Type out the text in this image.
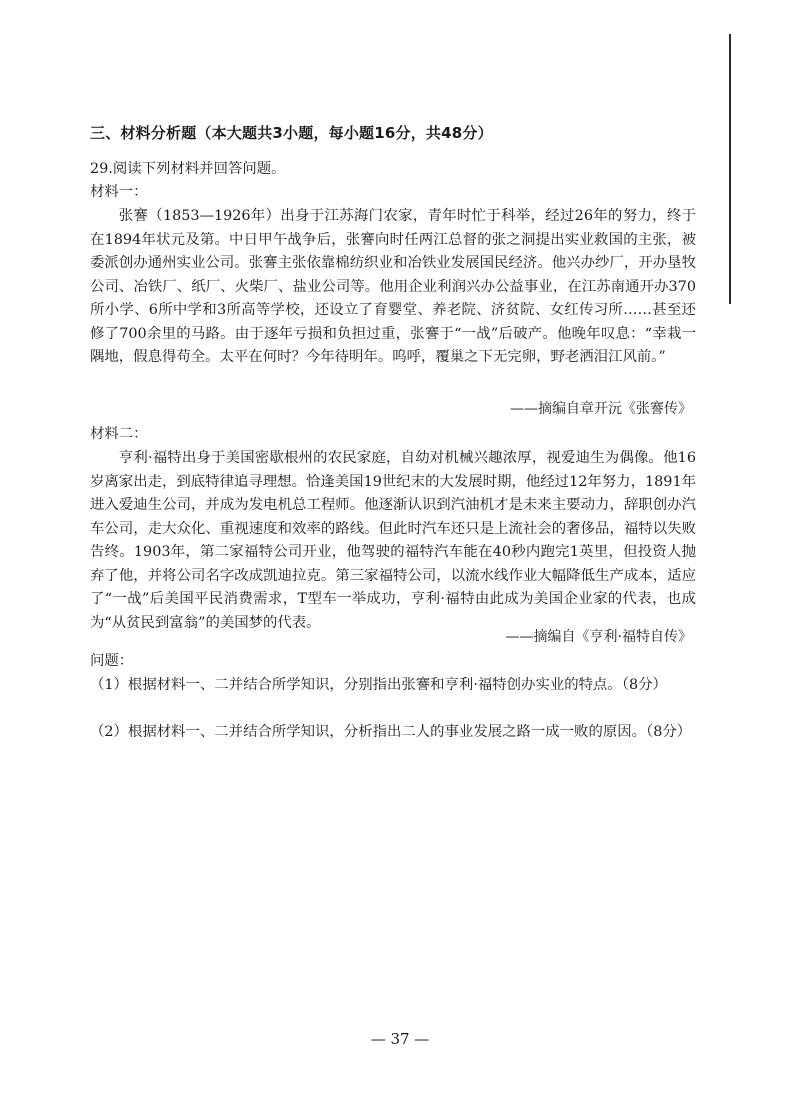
三、材料分析题（本大题共3小题，每小题16分，共48分）
29.阅读下列材料并回答问题。
材料一：
张謇（1853—1926年）出身于江苏海门农家，青年时忙于科举，经过26年的努力，终于在1894年状元及第。中日甲午战争后，张謇向时任两江总督的张之洞提出实业救国的主张，被委派创办通州实业公司。张謇主张依靠棉纺织业和冶铁业发展国民经济。他兴办纱厂，开办垦牧公司、冶铁厂、纸厂、火柴厂、盐业公司等。他用企业利润兴办公益事业，在江苏南通开办370所小学、6所中学和3所高等学校，还设立了育婴堂、养老院、济贫院、女红传习所……甚至还修了700余里的马路。由于逐年亏损和负担过重，张謇于“一战”后破产。他晚年叹息：“幸栽一隅地，假息得苟全。太平在何时？今年待明年。呜呼，覆巢之下无完卵，野老洒泪江风前。”
——摘编自章开沅《张謇传》
材料二：
亨利·福特出身于美国密歇根州的农民家庭，自幼对机械兴趣浓厚，视爱迪生为偶像。他16岁离家出走，到底特律追寻理想。恰逢美国19世纪末的大发展时期，他经过12年努力，1891年进入爱迪生公司，并成为发电机总工程师。他逐渐认识到汽油机才是未来主要动力，辞职创办汽车公司，走大众化、重视速度和效率的路线。但此时汽车还只是上流社会的奢侈品，福特以失败告终。1903年，第二家福特公司开业，他驾驶的福特汽车能在40秒内跑完1英里，但投资人抛弃了他，并将公司名字改成凯迪拉克。第三家福特公司，以流水线作业大幅降低生产成本，适应了“一战”后美国平民消费需求，T型车一举成功，亨利·福特由此成为美国企业家的代表，也成为“从贫民到富翁”的美国梦的代表。
——摘编自《亨利·福特自传》
问题：
（1）根据材料一、二并结合所学知识，分别指出张謇和亨利·福特创办实业的特点。（8分）
（2）根据材料一、二并结合所学知识，分析指出二人的事业发展之路一成一败的原因。（8分）
— 37 —
